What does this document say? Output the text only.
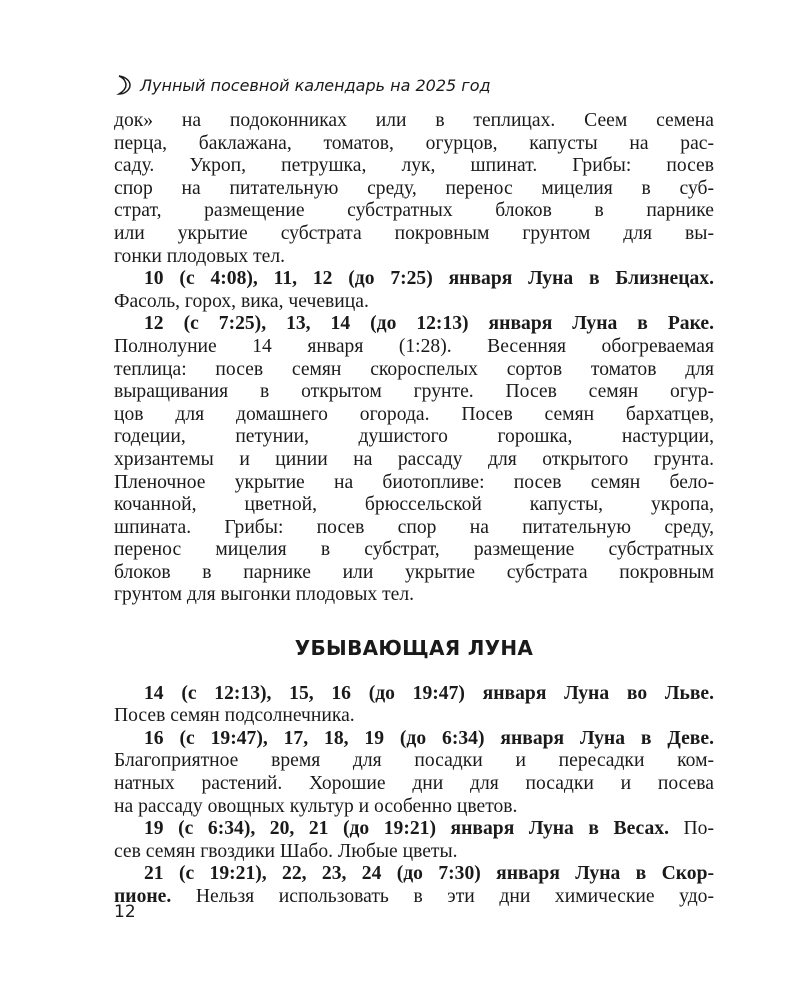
Лунный посевной календарь на 2025 год
док» на подоконниках или в теплицах. Сеем семена
перца, баклажана, томатов, огурцов, капусты на рас-
саду. Укроп, петрушка, лук, шпинат. Грибы: посев
спор на питательную среду, перенос мицелия в суб-
страт, размещение субстратных блоков в парнике
или укрытие субстрата покровным грунтом для вы-
гонки плодовых тел.
10 (с 4:08), 11, 12 (до 7:25) января Луна в Близнецах.
Фасоль, горох, вика, чечевица.
12 (с 7:25), 13, 14 (до 12:13) января Луна в Раке.
Полнолуние 14 января (1:28). Весенняя обогреваемая
теплица: посев семян скороспелых сортов томатов для
выращивания в открытом грунте. Посев семян огур-
цов для домашнего огорода. Посев семян бархатцев,
годеции, петунии, душистого горошка, настурции,
хризантемы и цинии на рассаду для открытого грунта.
Пленочное укрытие на биотопливе: посев семян бело-
кочанной, цветной, брюссельской капусты, укропа,
шпината. Грибы: посев спор на питательную среду,
перенос мицелия в субстрат, размещение субстратных
блоков в парнике или укрытие субстрата покровным
грунтом для выгонки плодовых тел.
УБЫВАЮЩАЯ ЛУНА
14 (с 12:13), 15, 16 (до 19:47) января Луна во Льве.
Посев семян подсолнечника.
16 (с 19:47), 17, 18, 19 (до 6:34) января Луна в Деве.
Благоприятное время для посадки и пересадки ком-
натных растений. Хорошие дни для посадки и посева
на рассаду овощных культур и особенно цветов.
19 (с 6:34), 20, 21 (до 19:21) января Луна в Весах. По-
сев семян гвоздики Шабо. Любые цветы.
21 (с 19:21), 22, 23, 24 (до 7:30) января Луна в Скор-
пионе. Нельзя использовать в эти дни химические удо-
12
